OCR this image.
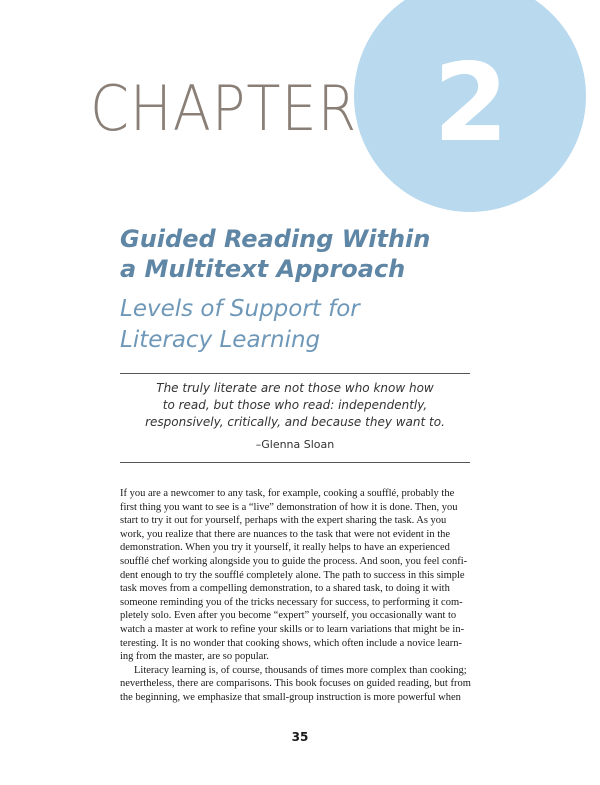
2
CHAPTER
Guided Reading Within
a Multitext Approach
Levels of Support for
Literacy Learning
The truly literate are not those who know how
to read, but those who read: independently,
responsively, critically, and because they want to.
–Glenna Sloan
If you are a newcomer to any task, for example, cooking a soufflé, probably the
first thing you want to see is a “live” demonstration of how it is done. Then, you
start to try it out for yourself, perhaps with the expert sharing the task. As you
work, you realize that there are nuances to the task that were not evident in the
demonstration. When you try it yourself, it really helps to have an experienced
soufflé chef working alongside you to guide the process. And soon, you feel confi-
dent enough to try the soufflé completely alone. The path to success in this simple
task moves from a compelling demonstration, to a shared task, to doing it with
someone reminding you of the tricks necessary for success, to performing it com-
pletely solo. Even after you become “expert” yourself, you occasionally want to
watch a master at work to refine your skills or to learn variations that might be in-
teresting. It is no wonder that cooking shows, which often include a novice learn-
ing from the master, are so popular.
Literacy learning is, of course, thousands of times more complex than cooking;
nevertheless, there are comparisons. This book focuses on guided reading, but from
the beginning, we emphasize that small-group instruction is more powerful when
35
